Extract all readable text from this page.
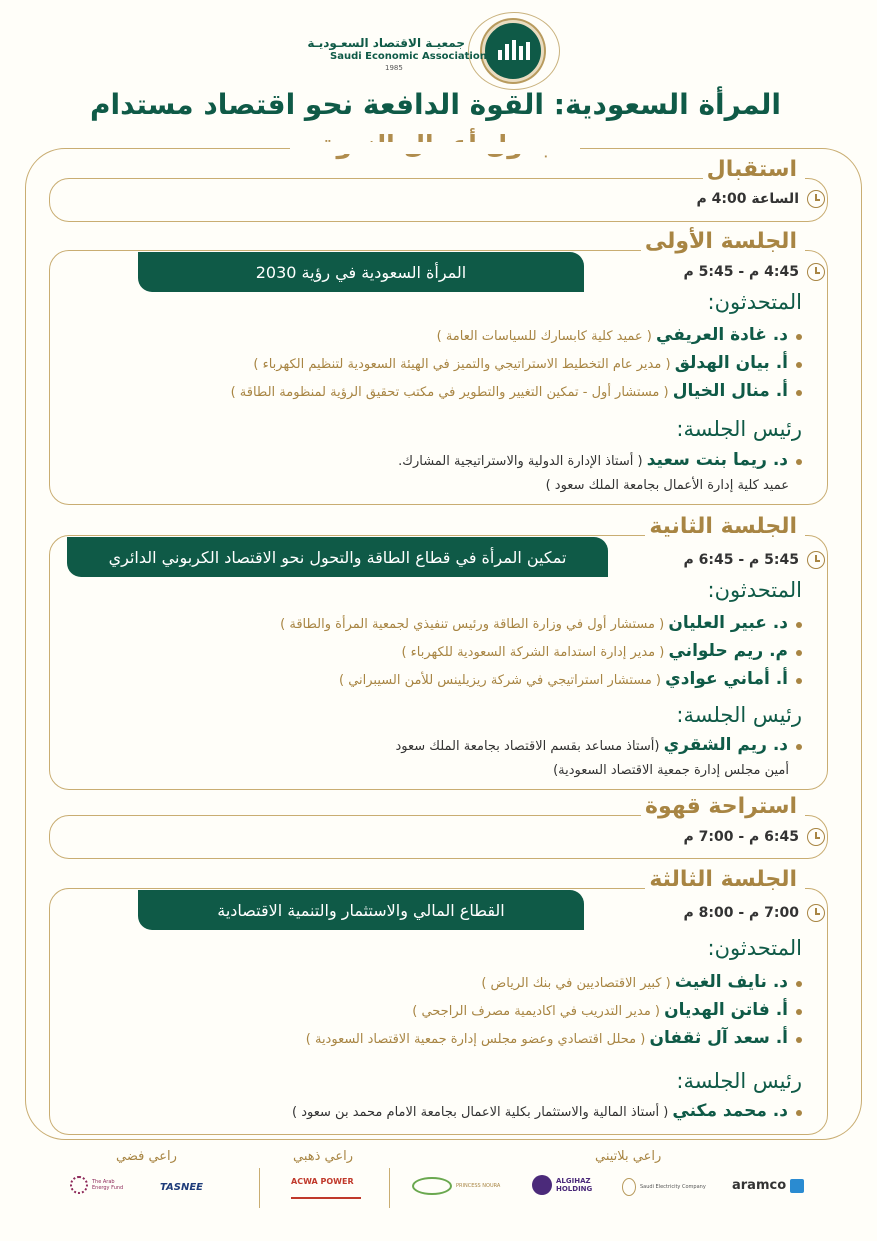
جمعيـة الاقتصاد السعـوديـة
Saudi Economic Association
1985
المرأة السعودية: القوة الدافعة نحو اقتصاد مستدام
استقبال
الساعة 4:00 م
الجلسة الأولى
4:45 م - 5:45 م
المرأة السعودية في رؤية 2030
المتحدثون:
د. غادة العريفي ( عميد كلية كابسارك للسياسات العامة )
أ. بيان الهدلق ( مدير عام التخطيط الاستراتيجي والتميز في الهيئة السعودية لتنظيم الكهرباء )
أ. منال الخيال ( مستشار أول - تمكين التغيير والتطوير في مكتب تحقيق الرؤية لمنظومة الطاقة )
رئيس الجلسة:
د. ريما بنت سعيد ( أستاذ الإدارة الدولية والاستراتيجية المشارك.
عميد كلية إدارة الأعمال بجامعة الملك سعود )
الجلسة الثانية
5:45 م - 6:45 م
تمكين المرأة في قطاع الطاقة والتحول نحو الاقتصاد الكربوني الدائري
المتحدثون:
د. عبير العليان ( مستشار أول في وزارة الطاقة ورئيس تنفيذي لجمعية المرأة والطاقة )
م. ريم حلواني ( مدير إدارة استدامة الشركة السعودية للكهرباء )
أ. أماني عوادي ( مستشار استراتيجي في شركة ريزيلينس للأمن السيبراني )
رئيس الجلسة:
د. ريم الشقري (أستاذ مساعد بقسم الاقتصاد بجامعة الملك سعود
أمين مجلس إدارة جمعية الاقتصاد السعودية)
استراحة قهوة
6:45 م - 7:00 م
الجلسة الثالثة
7:00 م - 8:00 م
القطاع المالي والاستثمار والتنمية الاقتصادية
المتحدثون:
د. نايف الغيث ( كبير الاقتصاديين في بنك الرياض )
أ. فاتن الهديان ( مدير التدريب في اكاديمية مصرف الراجحي )
أ. سعد آل ثقفان ( محلل اقتصادي وعضو مجلس إدارة جمعية الاقتصاد السعودية )
رئيس الجلسة:
د. محمد مكني ( أستاذ المالية والاستثمار بكلية الاعمال بجامعة الامام محمد بن سعود )
راعي بلاتيني
راعي ذهبي
راعي فضي
aramco
Saudi Electricity Company
ALGIHAZ HOLDING
PRINCESS NOURA
ACWA POWER
TASNEE
The Arab Energy Fund
